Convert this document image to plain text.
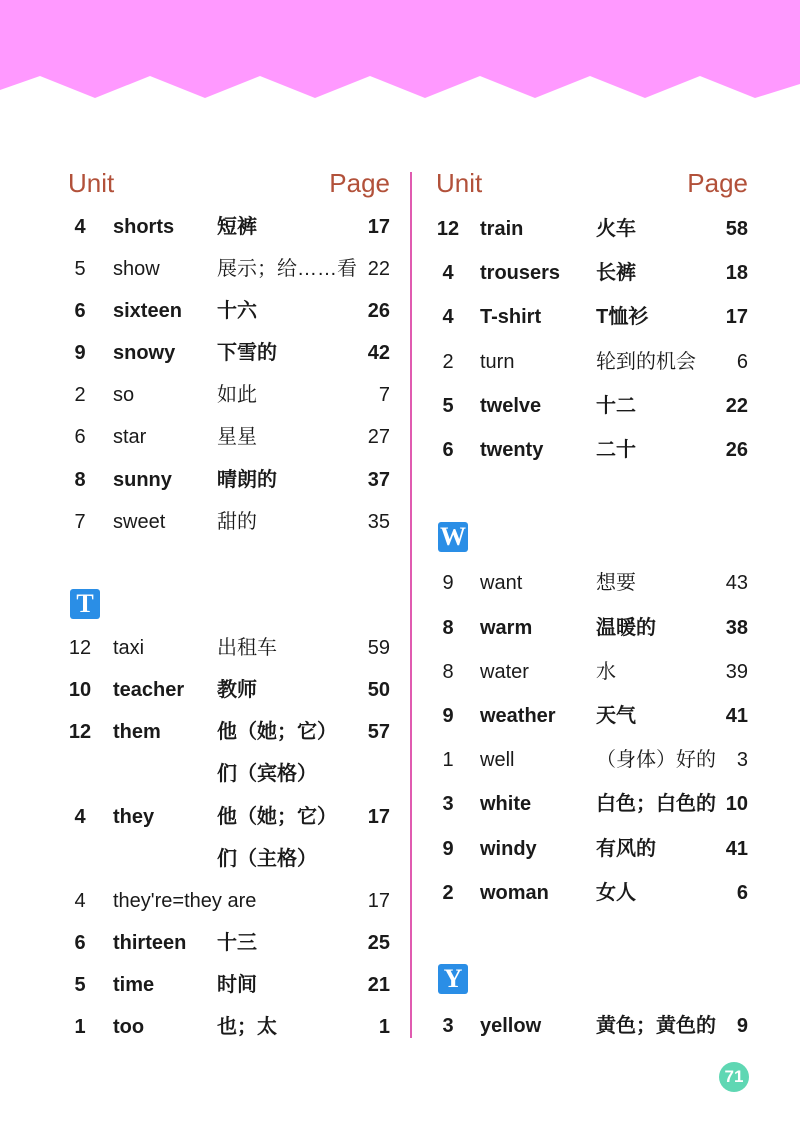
Unit	Page
4	shorts 短裤	17
5	show	展示；给……看 22
6	sixteen 十六	26
9	snowy 下雪的	42
2	so	如此	7
6	star	星星	27
8	sunny 晴朗的	37
7	sweet	甜的	35
T
12 taxi	出租车	59
10 teacher 教师	50
12 them	他（她；它） 57
们（宾格）
4	they	他（她；它） 17
们（主格）
4	they're=they are	17
6	thirteen 十三	25
5	time	时间	21
1	too	也；太	1
Unit	Page
12 train	火车	58
4	trousers 长裤	18
4	T-shirt	T恤衫	17
2	turn	轮到的机会 6
5	twelve	十二	22
6	twenty	二十	26
W
9	want	想要	43
8	warm	温暖的	38
8	water	水	39
9	weather 天气	41
1	well	（身体）好的 3
3	white	白色；白色的 10
9	windy	有风的	41
2	woman 女人	6
Y
3	yellow	黄色；黄色的 9
71
